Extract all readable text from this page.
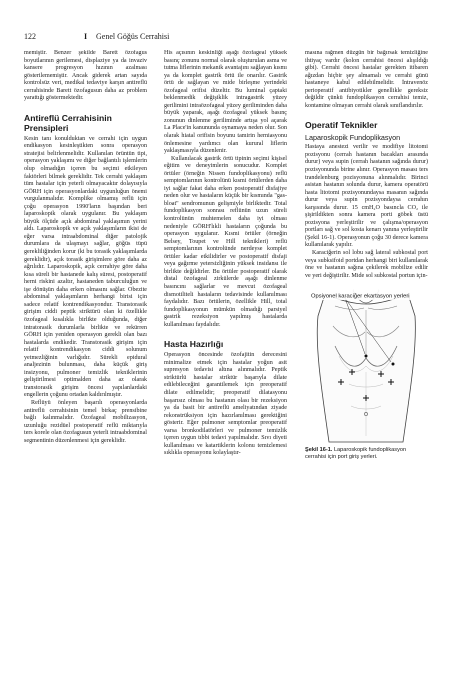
122	I Genel Göğüs Cerrahisi

memiştir. Benzer şekilde Barett özofagus boyutlarının gerilemesi, displaziye ya da invaziv kansere progresyon hızının azalması gösterilememiştir. Ancak giderek artan sayıda kontrolsüz veri, medikal tedaviye karşın antireflü cerrahisinde Barett özofagusun daha az problem yarattığı göstermektedir.

Antireflü Cerrahisinin Prensipleri

Kesin tanı konulduktan ve cerrahi için uygun endikasyon kesinleştikten sonra operasyon stratejisi belirlenmelidir. Kullanılan örüntün tipi, operasyon yaklaşımı ve diğer bağlantılı işlemlerin olup olmadığın içeren bu seçimi etkileyen faktörleri bilmek gereklidir. Tek cerrahi yaklaşım tüm hastalar için yeterli olmayacaktır dolayısıyla GÖRH için operasyonlardaki uygunluğun önemi vurgulanmalıdır. Komplike olmamış reflü için çoğu operasyon 1990'ların başından beri laparoskopik olarak uygulanır. Bu yaklaşım büyük ölçüde açık abdominal yaklaşımın yerini aldı. Laparoskopik ve açık yaklaşımların ikisi de eğer varsa intraabdominal diğer patolojik durumlara da ulaşmayı sağlar, göğüs tüpü gerekliliğinden korur (ki bu torasik yaklaşımlarda gereklidir), açık torasik girişimlere göre daha az ağrılıdır. Laparoskopik, açık cerrahiye göre daha kısa süreli bir hastanede kalış süresi, postoperatif herni riskini azaltır, hastaneden taburculuğun ve işe dönüşün daha erken olmasını sağlar. Obezite abdominal yaklaşımların herhangi birisi için sadece relatif kontrendikasyondur. Transtorasik girişim ciddi peptik striktürü olan ki özellikle özofageal kısalıkla birlikte olduğunda, diğer intratorasik durumlarla birlikte ve rekürren GÖRH için yeniden operasyon gerekli olan bazı hastalarda endikedir. Transtorasik girişim için relatif kontrendikasyon ciddi solunum yetmezliğinin varlığıdır. Sürekli epidural analjezinin bulunması, daha küçük giriş insizyonu, pulmoner temizlik tekniklerinin geliştirilmesi optimalden daha az olarak transtorasik girişim öncesi yapılanlardaki engellerin çoğunu ortadan kaldırılmıştır.

Reflüyü önleyen başarılı operasyonlarda antireflü cerrahisinin temel birkaç prensibine bağlı kalınmalıdır. Özofageal mobilizasyon, uzunluğu rezidüel postoperatif reflü miktarıyla ters korele olan özofagusun yeterli intraabdominal segmentinin düzenlenmesi için gereklidir.

His açısının keskinliği aşağı özofageal yüksek basınç zonunu normal olarak oluşturulan asma ve tutma liflerinin mekanik avantajını sağlayan kısmı ya da komplet gastrik örtü ile onarılır. Gastrik örtü de sağlayan ve mide birleşme yerindeki özofageal orifisi düzeltir. Bu luminal çaptaki beklenmedik değişiklik intragastrik yüzey gerilimini intraözofageal yüzey geriliminden daha büyük yaparak, aşağı özofageal yüksek basınç zonunun dinlenme geriliminde artışa yol açarak La Place'in kanununda oynamaya neden olur. Son olarak hiatal orifisin boyunu tamirin herniasyonu önlemesine yardımcı olan kurural liflerin yaklaşmasıyla düzenlenir.

Kullanılacak gastrik örtü tipinin seçimi kişisel eğitim ve deneyimlerin sonucudur. Komplet örtüler (örneğin Nissen fundoplikasyonu) reflü semptomlarının kontrolünü kısmi örtülerden daha iyi sağlar fakat daha erken postoperatif disfajiye neden olur ve hastaların küçük bir kısmında "gas-bloat" sendromunun gelişmiyle birliktedir. Total fundoplikasyon sonrası reflünün uzun süreli kontrolünün muhtemelen daha iyi olması nedeniyle GÖRH'lıkli hastaların çoğunda bu operasyon uygulanır. Kısmi örtüler (örneğin Belsey, Toupet ve Hill teknikleri) reflü semptomlarının kontrolünde nerdeyse komplet örtüler kadar etkilidirler ve postoperatif disfaji veya gağırme yetersizliğinin yüksek insidansı ile birlikte değildirler. Bu örtüler postoperatif olarak distal özofageal zirkülerde aşağı dinlenme basıncını sağlarlar ve mevcut özofageal dismotiliteli hastaların tedavisinde kullanılması faydalıdır. Bazı örtülerin, özellikle Hill, total fundoplikasyonun mümkün olmadığı parsiyel gastrik rezeksiyon yapılmış hastalarda kullanılması faydalıdır.

Hasta Hazırlığı

Operasyon öncesinde özofajitin derecesini minimalize etmek için hastalar yoğun asit supresyon tedavisi altına alınmalıdır. Peptik striktürlü hastalar striktür başarıyla dilate edilebileceğini garantilemek için preoperatif dilate edilmelidir; preoperatif dilatasyonu başarısız olması bu hastanın olası bir rezeksiyon ya da basit bir antireflü ameliyatından ziyade rekonstrüksiyon için hazırlanılması gerektiğini gösterir. Eğer pulmoner semptomlar preoperatif varsa bronkodilatörleri ve pulmoner temizlik içeren uygun tıbbi tedavi yapılmalıdır. Sıvı diyeti kullanılması ve katartiklerin kolonu temizlemesi sıklıkla operasyonu kolaylaştır-

masına rağmen düzgün bir bağırsak temizliğine ihtiyaç vardır (kolon cerrahisi öncesi alışıldığı gibi). Cerrahi öncesi hastalar gerekten itibaren ağızdan hiçbir şey almamalı ve cerrahi günü hastaneye kabul edilebilmelidir. İntravenöz perioperatif antibiyotikler genellikle gereksiz değildir çünkü fundoplikasyon cerrahisi temiz, kontamine olmayan cerrahi olarak sınıflandırılır.

Operatif Teknikler
Laparoskopik Fundoplikasyon

Hastaya anestezi verilir ve modifiye litotomi pozisyonu (cerrah hastanın bacakları arasında durur) veya supin (cerrah hastanın sağında durur) pozisyonunda birine alınır. Operasyon masası ters trandelenburg pozisyonuna alınmalıdır. Birinci asistan hastanın solunda durur, kamera operatörü hasta litotomi pozisyonundaysa masanın sağında durur veya supin pozisyondaysa cerrahın karşısında durur. 15 cmH₂O basıncla CO₂ ile şişirildikten sonra kamera porti göbek üstü pozisyona yerleştirilir ve çalışma/operasyon portları sağ ve sol kosta kenarı yanına yerleştirilir (Şekil 16-1). Operasyonun çoğu 30 derece kamera kullanılarak yapılır.

Karaciğerin sol lobu sağ lateral subkostal port veya subksifoid portdan herhangi biri kullanılarak öne ve hastanın sağına çekilerek mobilize edilir ve yeri değiştirilir. Mide sol subkostal portun için-

Opsiyonel karaciğer ekartasyon yerleri
Şekil 16-1. Laparoskopik fundoplikasyon cerrahisi için port giriş yerleri.
